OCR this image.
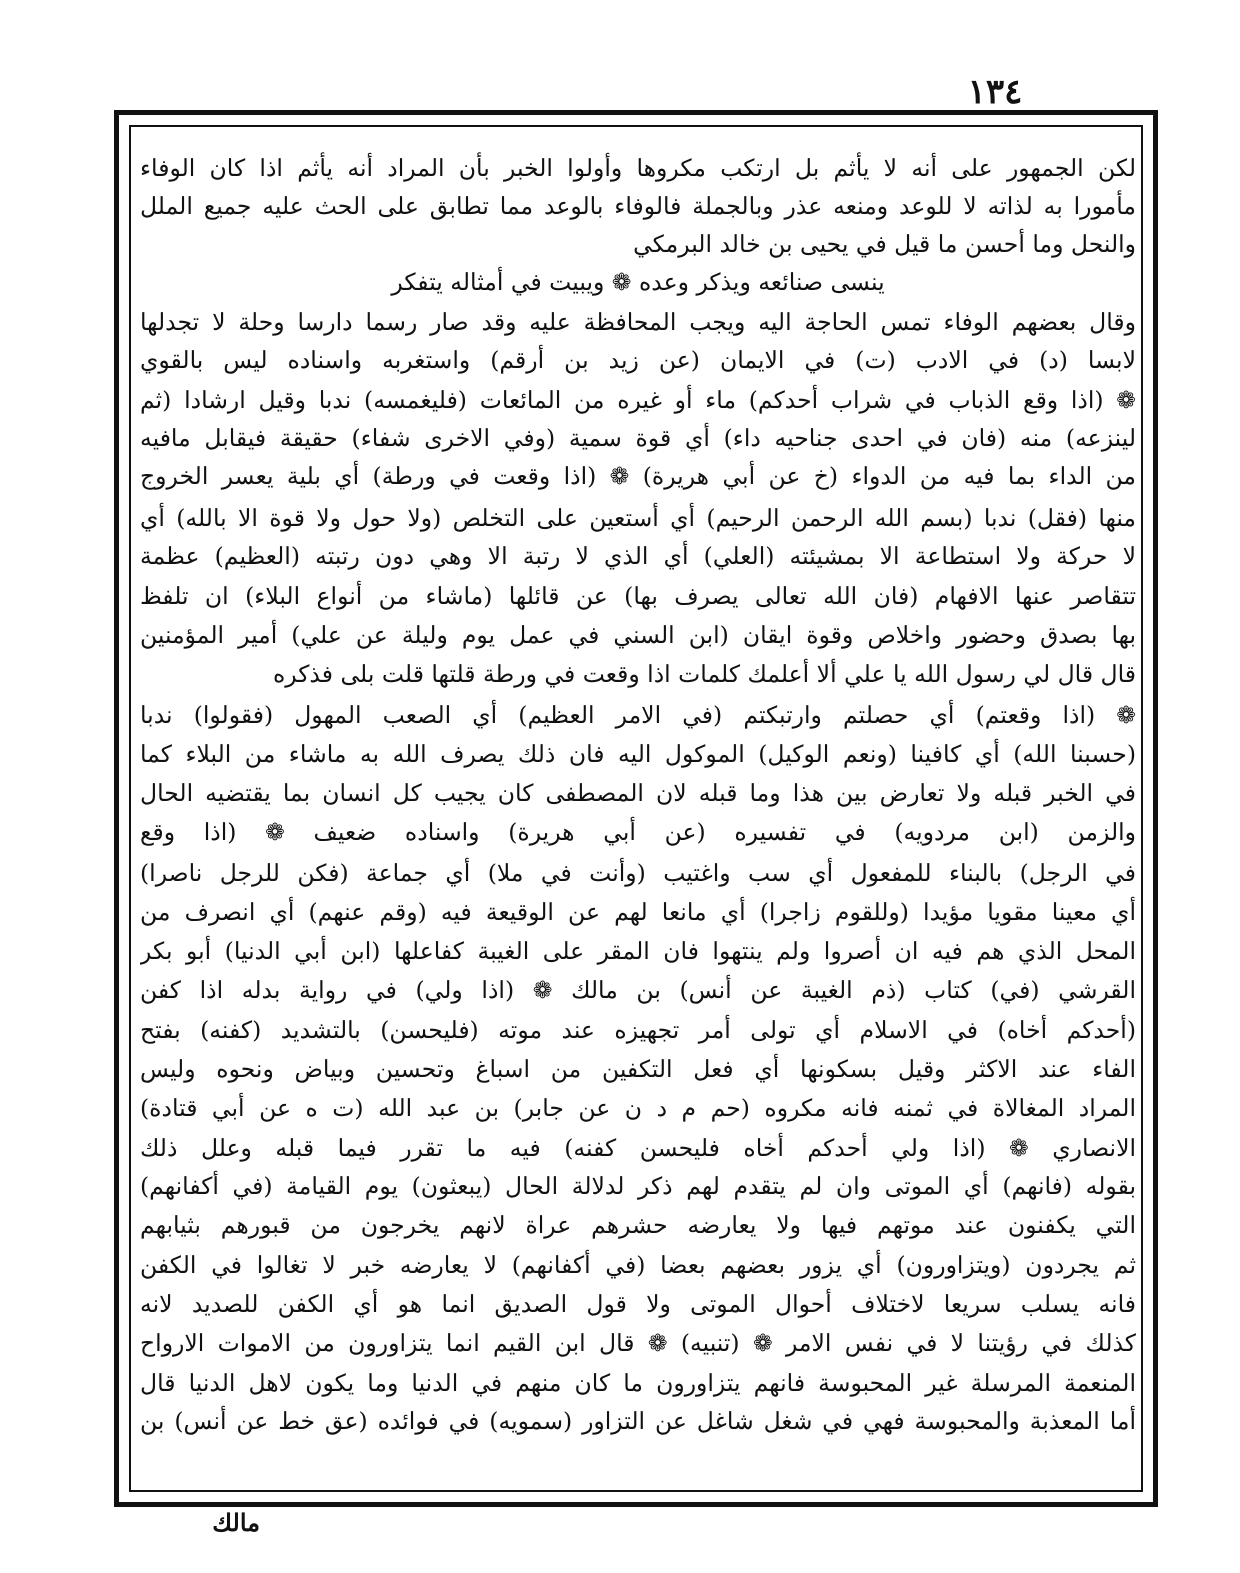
١٣٤
لكن الجمهور على أنه لا يأثم بل ارتكب مكروها وأولوا الخبر بأن المراد أنه يأثم اذا كان الوفاء
مأمورا به لذاته لا للوعد ومنعه عذر وبالجملة فالوفاء بالوعد مما تطابق على الحث عليه جميع الملل
والنحل وما أحسن ما قيل في يحيى بن خالد البرمكي
ينسى صنائعه ويذكر وعده ❁ ويبيت في أمثاله يتفكر
وقال بعضهم الوفاء تمس الحاجة اليه ويجب المحافظة عليه وقد صار رسما دارسا وحلة لا تجدلها
لابسا (د) في الادب (ت) في الايمان (عن زيد بن أرقم) واستغربه واسناده ليس بالقوي
❁ (اذا وقع الذباب في شراب أحدكم) ماء أو غيره من المائعات (فليغمسه) ندبا وقيل ارشادا (ثم
لينزعه) منه (فان في احدى جناحيه داء) أي قوة سمية (وفي الاخرى شفاء) حقيقة فيقابل مافيه
من الداء بما فيه من الدواء (خ عن أبي هريرة) ❁ (اذا وقعت في ورطة) أي بلية يعسر الخروج
منها (فقل) ندبا (بسم الله الرحمن الرحيم) أي أستعين على التخلص (ولا حول ولا قوة الا بالله) أي
لا حركة ولا استطاعة الا بمشيئته (العلي) أي الذي لا رتبة الا وهي دون رتبته (العظيم) عظمة
تتقاصر عنها الافهام (فان الله تعالى يصرف بها) عن قائلها (ماشاء من أنواع البلاء) ان تلفظ
بها بصدق وحضور واخلاص وقوة ايقان (ابن السني في عمل يوم وليلة عن علي) أمير المؤمنين
قال قال لي رسول الله يا علي ألا أعلمك كلمات اذا وقعت في ورطة قلتها قلت بلى فذكره
❁ (اذا وقعتم) أي حصلتم وارتبكتم (في الامر العظيم) أي الصعب المهول (فقولوا) ندبا
(حسبنا الله) أي كافينا (ونعم الوكيل) الموكول اليه فان ذلك يصرف الله به ماشاء من البلاء كما
في الخبر قبله ولا تعارض بين هذا وما قبله لان المصطفى كان يجيب كل انسان بما يقتضيه الحال
والزمن (ابن مردويه) في تفسيره (عن أبي هريرة) واسناده ضعيف ❁ (اذا وقع
في الرجل) بالبناء للمفعول أي سب واغتيب (وأنت في ملا) أي جماعة (فكن للرجل ناصرا)
أي معينا مقويا مؤيدا (وللقوم زاجرا) أي مانعا لهم عن الوقيعة فيه (وقم عنهم) أي انصرف من
المحل الذي هم فيه ان أصروا ولم ينتهوا فان المقر على الغيبة كفاعلها (ابن أبي الدنيا) أبو بكر
القرشي (في) كتاب (ذم الغيبة عن أنس) بن مالك ❁ (اذا ولي) في رواية بدله اذا كفن
(أحدكم أخاه) في الاسلام أي تولى أمر تجهيزه عند موته (فليحسن) بالتشديد (كفنه) بفتح
الفاء عند الاكثر وقيل بسكونها أي فعل التكفين من اسباغ وتحسين وبياض ونحوه وليس
المراد المغالاة في ثمنه فانه مكروه (حم م د ن عن جابر) بن عبد الله (ت ه عن أبي قتادة)
الانصاري ❁ (اذا ولي أحدكم أخاه فليحسن كفنه) فيه ما تقرر فيما قبله وعلل ذلك
بقوله (فانهم) أي الموتى وان لم يتقدم لهم ذكر لدلالة الحال (يبعثون) يوم القيامة (في أكفانهم)
التي يكفنون عند موتهم فيها ولا يعارضه حشرهم عراة لانهم يخرجون من قبورهم بثيابهم
ثم يجردون (ويتزاورون) أي يزور بعضهم بعضا (في أكفانهم) لا يعارضه خبر لا تغالوا في الكفن
فانه يسلب سريعا لاختلاف أحوال الموتى ولا قول الصديق انما هو أي الكفن للصديد لانه
كذلك في رؤيتنا لا في نفس الامر ❁ (تنبيه) ❁ قال ابن القيم انما يتزاورون من الاموات الارواح
المنعمة المرسلة غير المحبوسة فانهم يتزاورون ما كان منهم في الدنيا وما يكون لاهل الدنيا قال
أما المعذبة والمحبوسة فهي في شغل شاغل عن التزاور (سمويه) في فوائده (عق خط عن أنس) بن
مالك
